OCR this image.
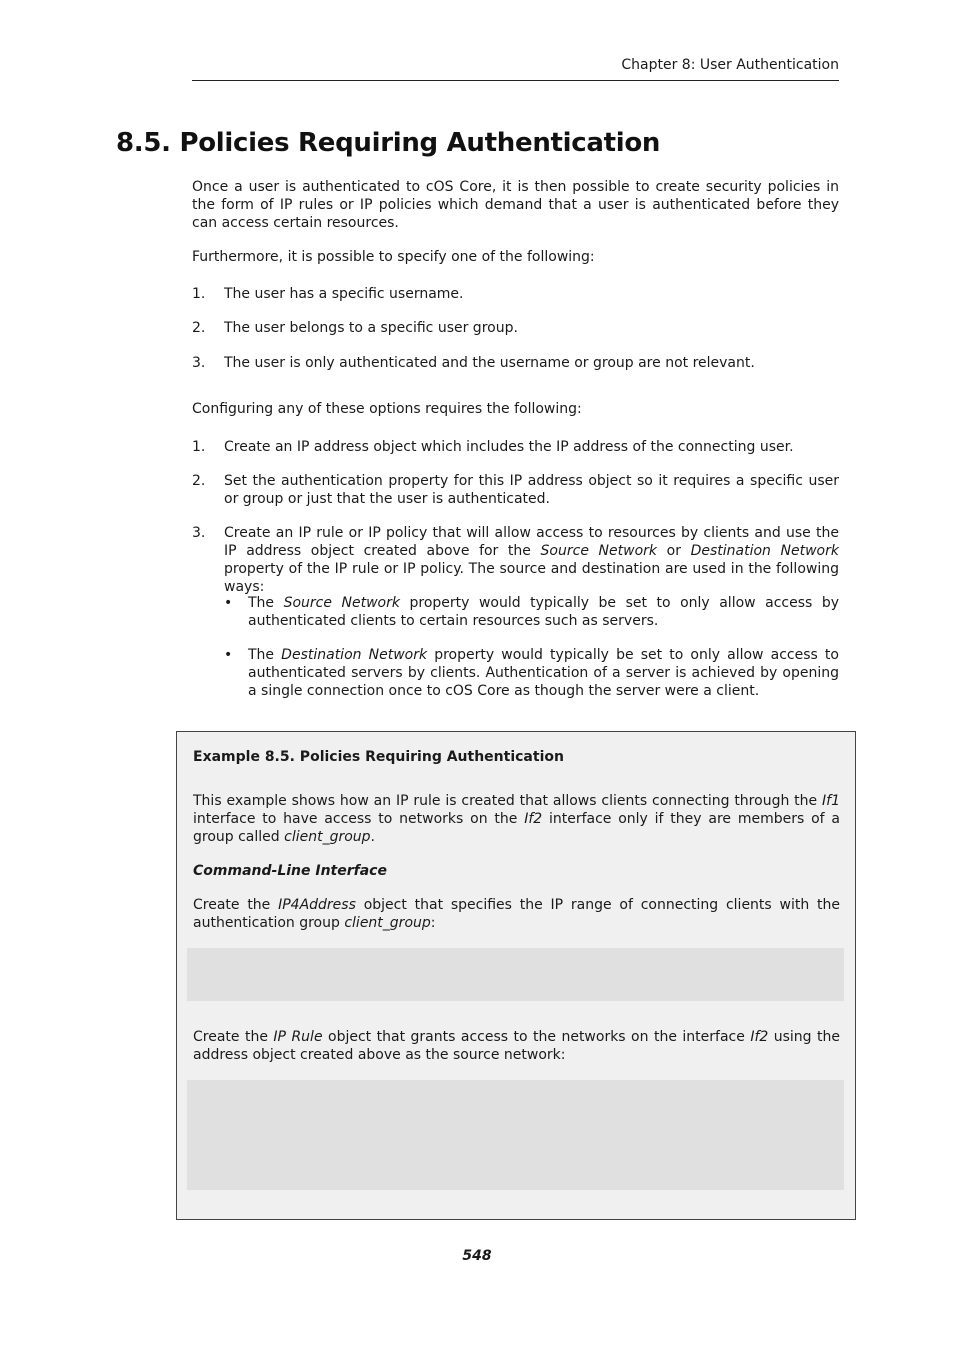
Chapter 8: User Authentication
8.5. Policies Requiring Authentication

Once a user is authenticated to cOS Core, it is then possible to create security policies in the form of IP rules or IP policies which demand that a user is authenticated before they can access certain resources.

Furthermore, it is possible to specify one of the following:

1. The user has a specific username.
2. The user belongs to a specific user group.
3. The user is only authenticated and the username or group are not relevant.

Configuring any of these options requires the following:

1. Create an IP address object which includes the IP address of the connecting user.
2. Set the authentication property for this IP address object so it requires a specific user or group or just that the user is authenticated.
3. Create an IP rule or IP policy that will allow access to resources by clients and use the IP address object created above for the Source Network or Destination Network property of the IP rule or IP policy. The source and destination are used in the following ways:
• The Source Network property would typically be set to only allow access by authenticated clients to certain resources such as servers.
• The Destination Network property would typically be set to only allow access to authenticated servers by clients. Authentication of a server is achieved by opening a single connection once to cOS Core as though the server were a client.
Example 8.5. Policies Requiring Authentication
This example shows how an IP rule is created that allows clients connecting through the If1 interface to have access to networks on the If2 interface only if they are members of a group called client_group.
Command-Line Interface
Create the IP4Address object that specifies the IP range of connecting clients with the authentication group client_group:
Create the IP Rule object that grants access to the networks on the interface If2 using the address object created above as the source network:
548
